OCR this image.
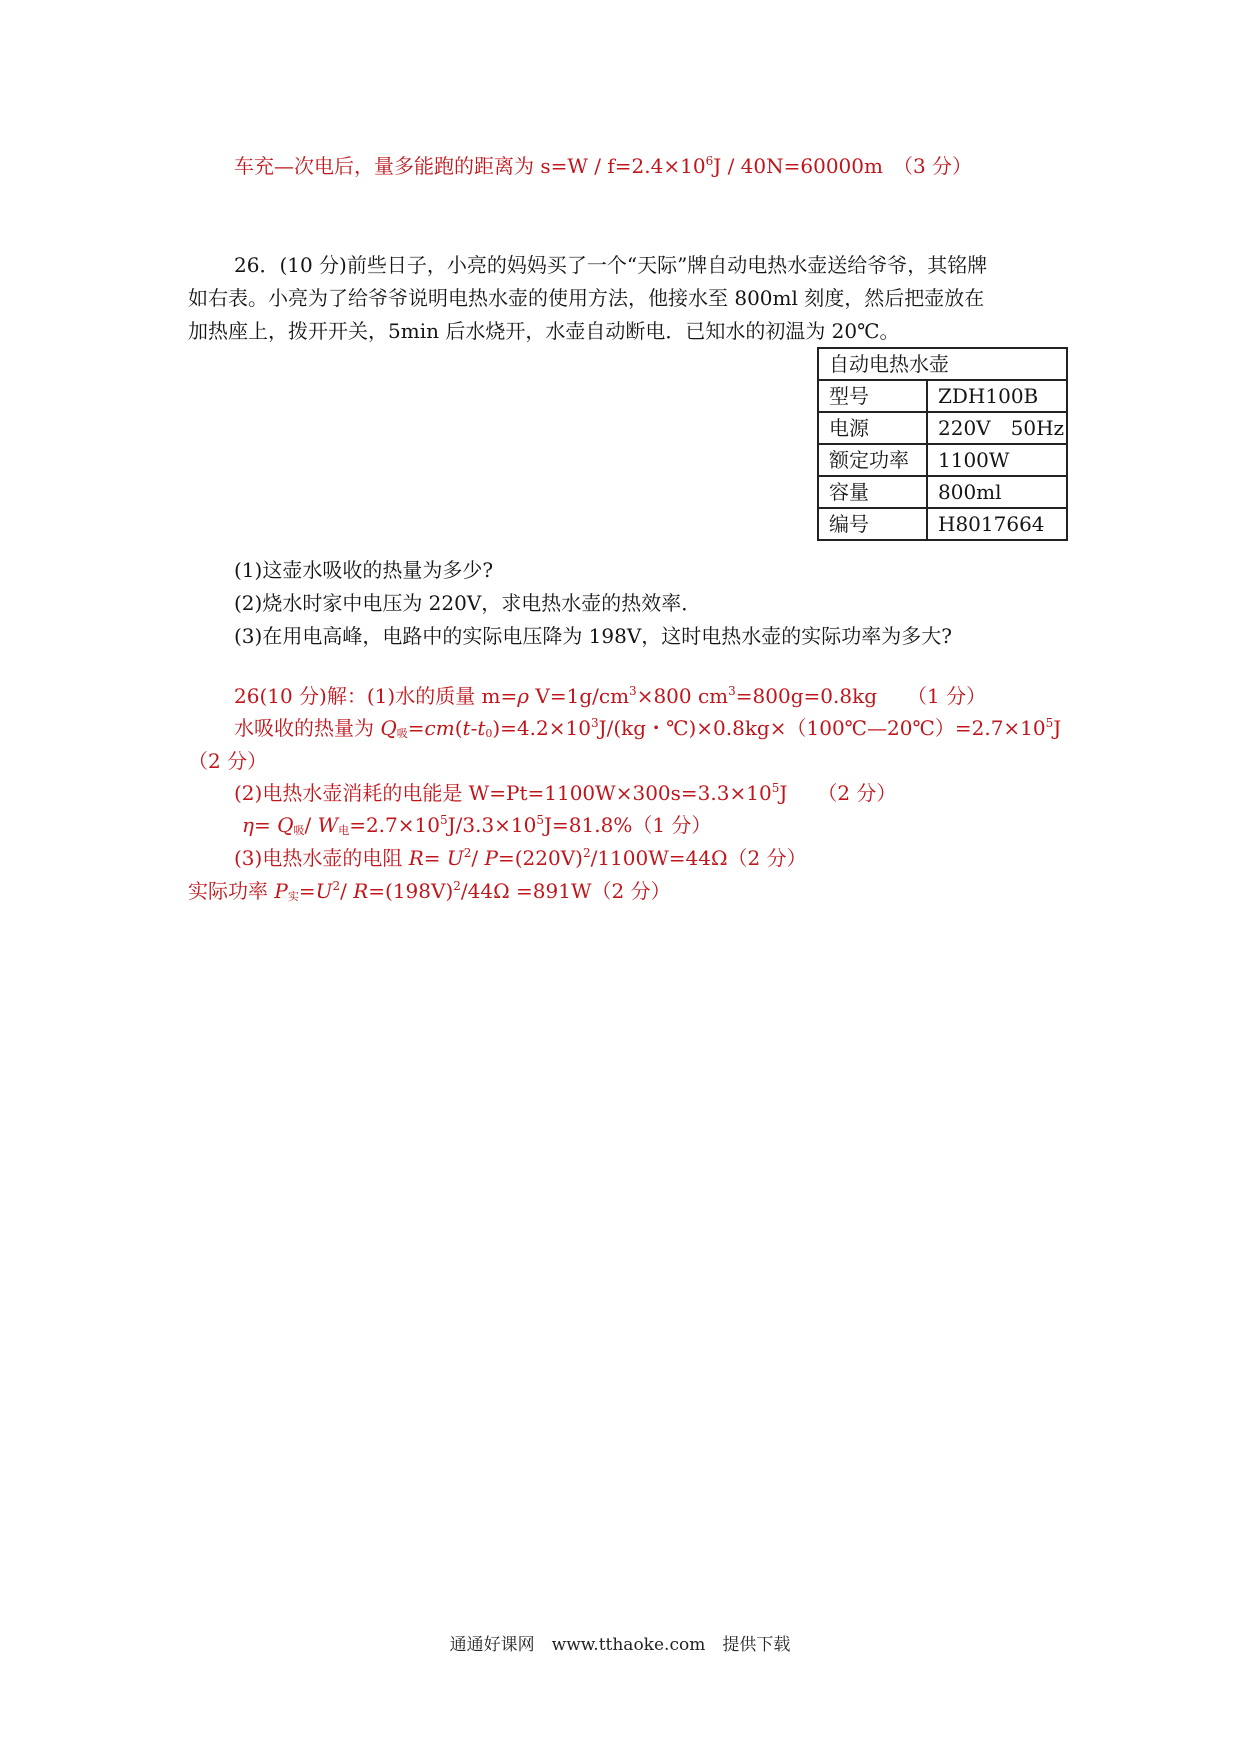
车充—次电后，量多能跑的距离为 $s=W / f=2.4\times 10^6J / 40N=60000m$　（3 分）
26．(10 分)前些日子，小亮的妈妈买了一个“天际”牌自动电热水壶送给爷爷，其铭牌
如右表。小亮为了给爷爷说明电热水壶的使用方法，他接水至 800ml 刻度，然后把壶放在
加热座上，拨开开关，5min 后水烧开，水壶自动断电．已知水的初温为 20℃。
自动电热水壶	
型号	ZDH100B
电源	220V　50Hz
额定功率	1100W
容量	800ml
编号	H8017664
(1)这壶水吸收的热量为多少?
(2)烧水时家中电压为 220V，求电热水壶的热效率．
(3)在用电高峰，电路中的实际电压降为 198V，这时电热水壶的实际功率为多大?
26(10 分)解：(1)水的质量 m=ρ $V=1g/cm^3\times 800$ $cm^3=800g=0.8kg$　　（1 分）
水吸收的热量为 Q吸$=cm(t-t0)=4.2\times 10^3J/(kg$・$℃)\times 0.8kg\times(100℃—20℃)=2.7\times 10^5J$
（2 分）
(2)电热水壶消耗的电能是 $W=Pt=1100W\times 300s=3.3\times 10^5J$　　（2 分）
η= Q吸/ W电$=2.7\times 10^5J/3.3\times 10^5J=81.8\%(1$ 分）
(3)电热水壶的电阻 $R= U^2/$ $P=(220V)^2/1100W=44\Omega(2$ 分）
实际功率 P实$=U^2/$ $R=(198V)^2/44\Omega =891W(2$ 分）
通通好课网　www.tthaoke.com　提供下载
